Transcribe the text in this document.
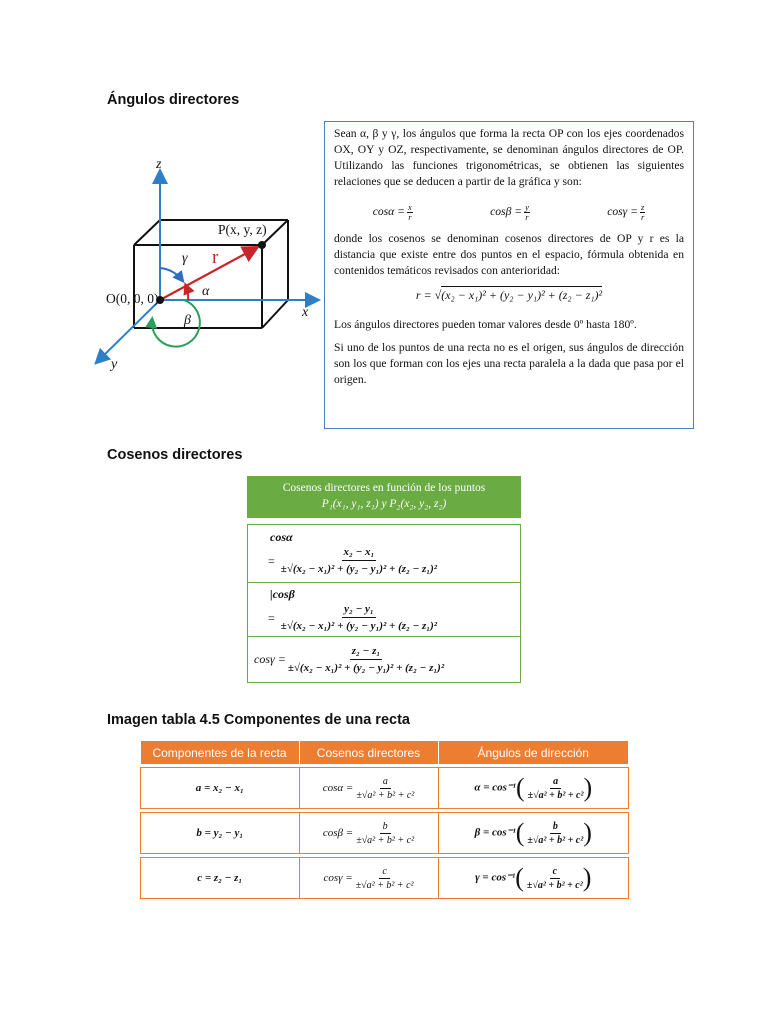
Ángulos directores
z
x
y
P(x, y, z)
O(0, 0, 0)
r
α
β
γ

Sean α, β y γ, los ángulos que forma la recta OP con los ejes coordenados OX, OY y OZ, respectivamente, se denominan ángulos directores de OP. Utilizando las funciones trigonométricas, se obtienen las siguientes relaciones que se deducen a partir de la gráfica y son:

$\cos\alpha = \frac{x}{r}$	$\cos\beta = \frac{y}{r}$	$\cos\gamma = \frac{z}{r}$

donde los cosenos se denominan cosenos directores de OP y r es la distancia que existe entre dos puntos en el espacio, fórmula obtenida en contenidos temáticos revisados con anterioridad:

r = √(x₂ − x₁)² + (y₂ − y₁)² + (z₂ − z₁)²

Los ángulos directores pueden tomar valores desde 0º hasta 180º.

Si uno de los puntos de una recta no es el origen, sus ángulos de dirección son los que forman con los ejes una recta paralela a la dada que pasa por el origen.

Cosenos directores
Cosenos directores en función de los puntos
P₁(x₁, y₁, z₁) y P₂(x₂, y₂, z₂)
cosα
= $\frac{\text{x₂ − x₁}}{\text{±√(x₂ − x₁)² + (y₂ − y₁)² + (z₂ − z₁)²}}$
|cosβ
= $\frac{\text{y₂ − y₁}}{\text{±√(x₂ − x₁)² + (y₂ − y₁)² + (z₂ − z₁)²}}$
$\cos\gamma = \frac{\text{z₂ − z₁}}{\text{±√(x₂ − x₁)² + (y₂ − y₁)² + (z₂ − z₁)²}}$
Imagen tabla 4.5 Componentes de una recta
Componentes de la recta	Cosenos directores	Ángulos de dirección

a = x₂ − x₁	$\cos\alpha = \frac{a}{\text{±√a² + b² + c²}}$	$\alpha = \cos^{-1}( \frac{a}{\text{±√a² + b² + c²}}$ )

b = y₂ − y₁	$\cos\beta = \frac{b}{\text{±√a² + b² + c²}}$	$\beta = \cos^{-1}( \frac{b}{\text{±√a² + b² + c²}}$ )

c = z₂ − z₁	$\cos\gamma = \frac{c}{\text{±√a² + b² + c²}}$	$\gamma = \cos^{-1}( \frac{c}{\text{±√a² + b² + c²}}$ )
